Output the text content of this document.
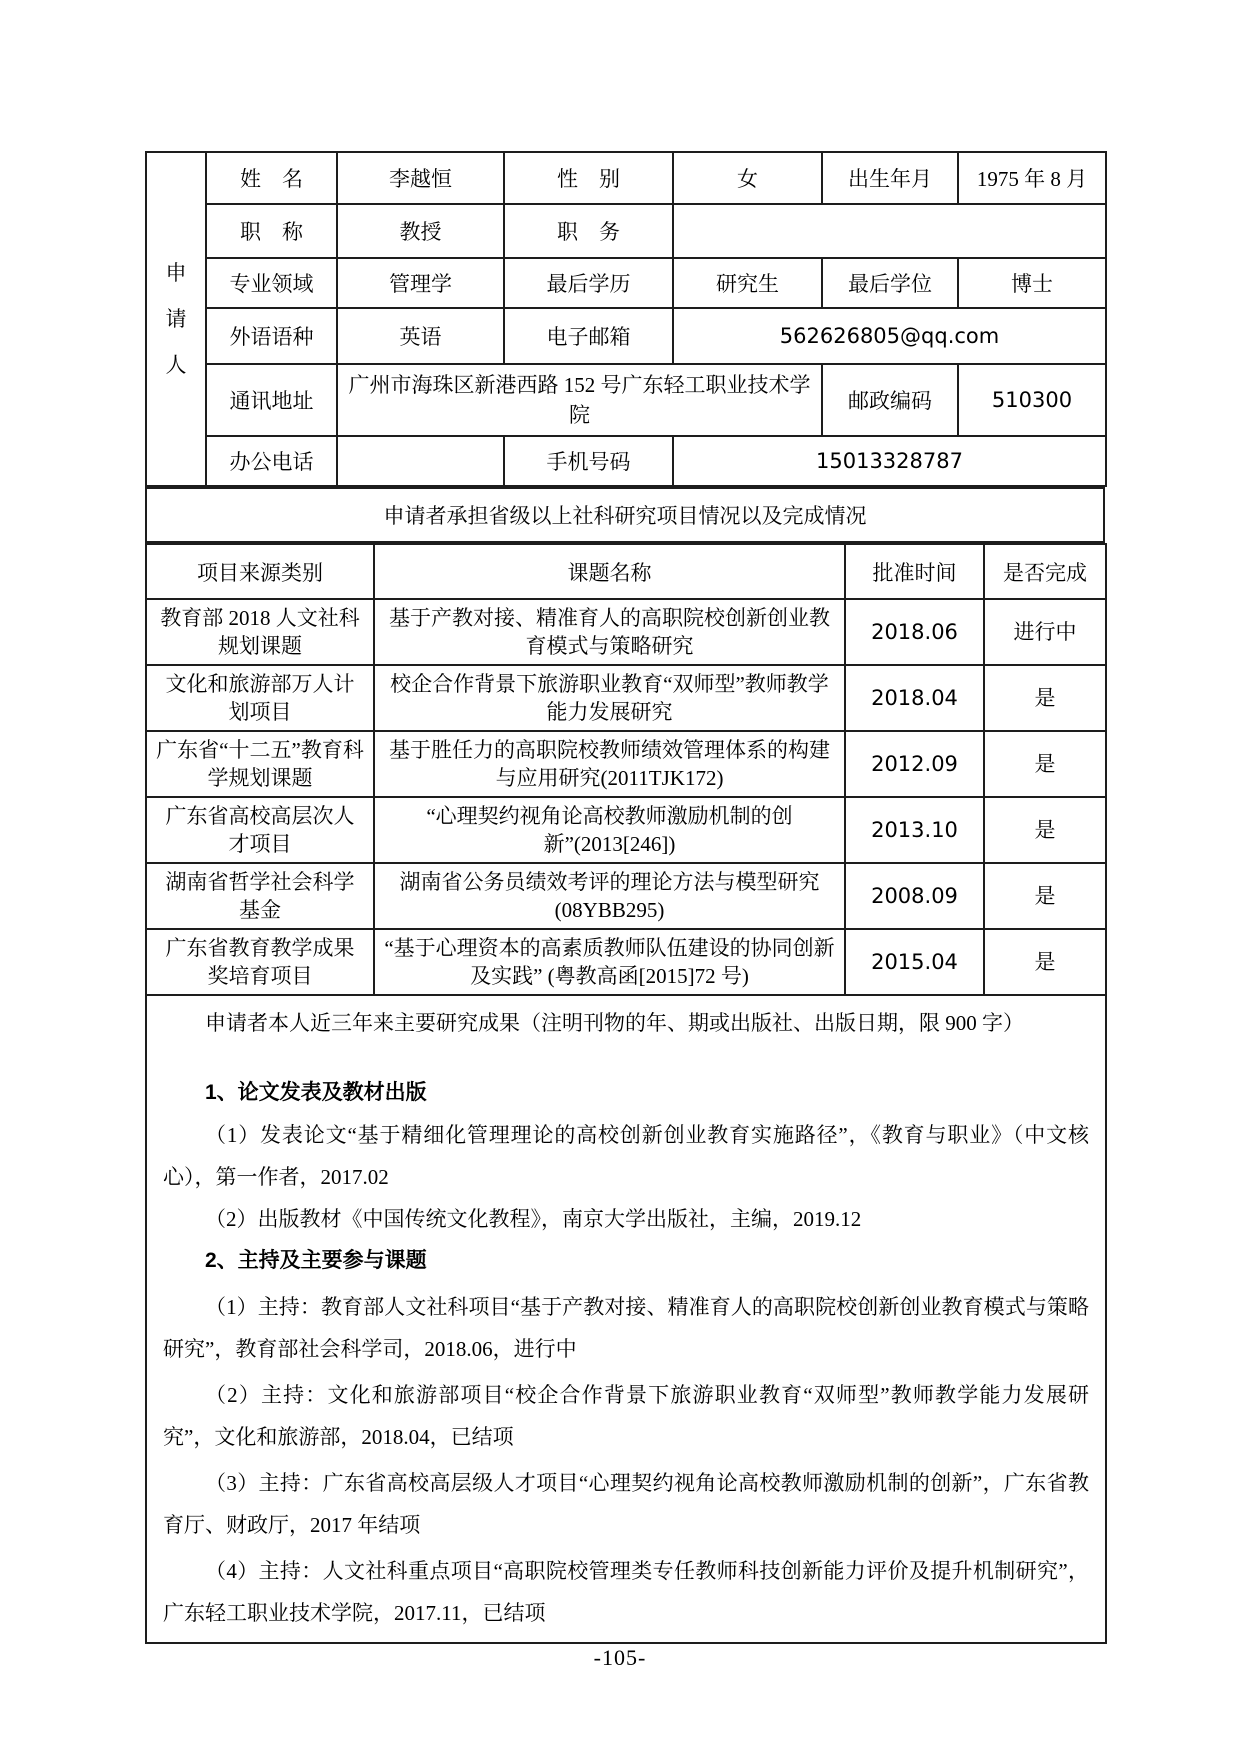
申请人	姓　名	李越恒	性　别	女	出生年月	1975 年 8 月
	职　称	教授	职　务			
	专业领域	管理学	最后学历	研究生	最后学位	博士
	外语语种	英语	电子邮箱	562626805@qq.com		
	通讯地址	广州市海珠区新港西路 152 号广东轻工职业技术学院			邮政编码	510300
	办公电话		手机号码	15013328787		
申请者承担省级以上社科研究项目情况以及完成情况
项目来源类别	课题名称	批准时间	是否完成
教育部 2018 人文社科规划课题	基于产教对接、精准育人的高职院校创新创业教育模式与策略研究	2018.06	进行中
文化和旅游部万人计划项目	校企合作背景下旅游职业教育“双师型”教师教学能力发展研究	2018.04	是
广东省“十二五”教育科学规划课题	基于胜任力的高职院校教师绩效管理体系的构建与应用研究(2011TJK172)	2012.09	是
广东省高校高层次人才项目	“心理契约视角论高校教师激励机制的创新”(2013[246])	2013.10	是
湖南省哲学社会科学基金	湖南省公务员绩效考评的理论方法与模型研究(08YBB295)	2008.09	是
广东省教育教学成果奖培育项目	“基于心理资本的高素质教师队伍建设的协同创新及实践” (粤教高函[2015]72 号)	2015.04	是

申请者本人近三年来主要研究成果（注明刊物的年、期或出版社、出版日期，限 900 字）

1、论文发表及教材出版

（1）发表论文“基于精细化管理理论的高校创新创业教育实施路径”，《教育与职业》（中文核心），第一作者，2017.02

（2）出版教材《中国传统文化教程》，南京大学出版社，主编，2019.12

2、主持及主要参与课题

（1）主持：教育部人文社科项目“基于产教对接、精准育人的高职院校创新创业教育模式与策略研究”，教育部社会科学司，2018.06，进行中

（2）主持：文化和旅游部项目“校企合作背景下旅游职业教育“双师型”教师教学能力发展研究”，文化和旅游部，2018.04，已结项

（3）主持：广东省高校高层级人才项目“心理契约视角论高校教师激励机制的创新”，广东省教育厅、财政厅，2017 年结项

（4）主持：人文社科重点项目“高职院校管理类专任教师科技创新能力评价及提升机制研究”，广东轻工职业技术学院，2017.11，已结项

-105-
